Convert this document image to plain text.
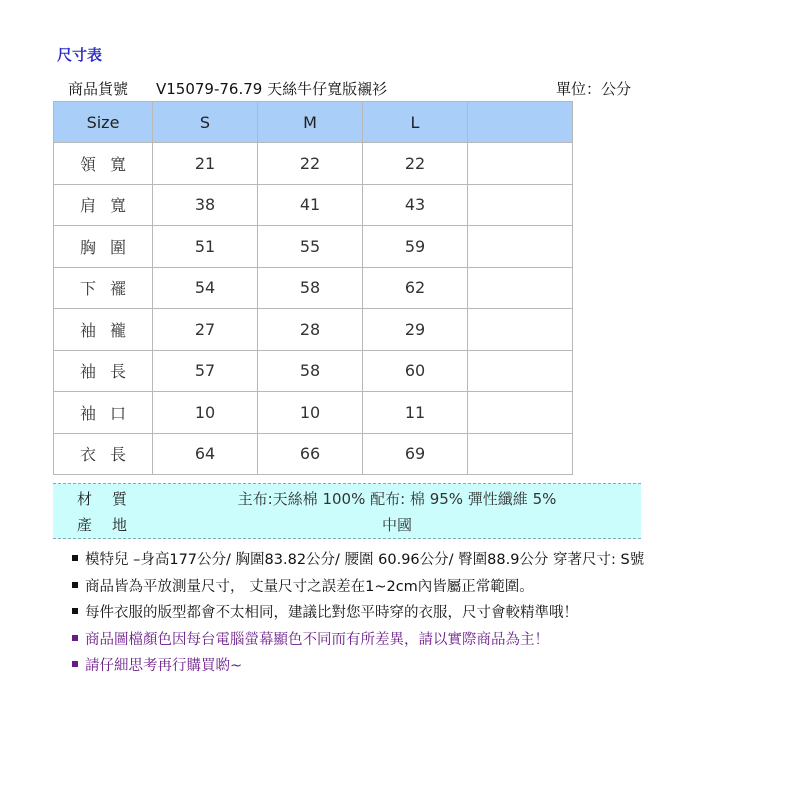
尺寸表
商品貨號 V15079-76.79 天絲牛仔寬版襯衫	單位：公分
Size	S	M	L	
領寬	21	22	22	
肩寬	38	41	43	
胸圍	51	55	59	
下襬	54	58	62	
袖襱	27	28	29	
袖長	57	58	60	
袖口	10	10	11	
衣長	64	66	69	
材質	主布:天絲棉 100% 配布: 棉 95% 彈性纖維 5%
產地	中國
模特兒 –身高177公分/ 胸圍83.82公分/ 腰圍 60.96公分/ 臀圍88.9公分 穿著尺寸: S號
商品皆為平放測量尺寸， 丈量尺寸之誤差在1~2cm內皆屬正常範圍。
每件衣服的版型都會不太相同，建議比對您平時穿的衣服，尺寸會較精準哦！
商品圖檔顏色因每台電腦螢幕顯色不同而有所差異，請以實際商品為主！
請仔細思考再行購買喲~
